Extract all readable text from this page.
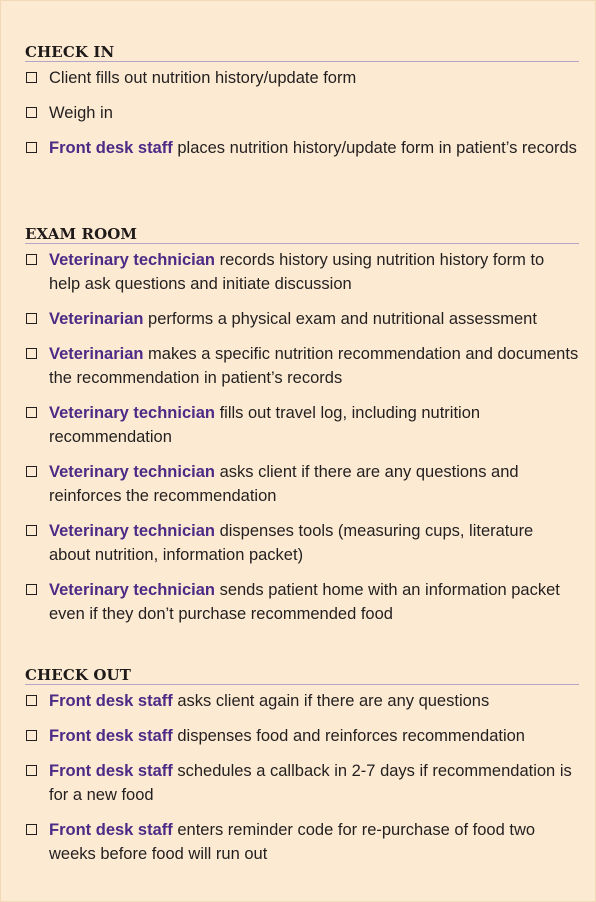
CHECK IN
Client fills out nutrition history/update form
Weigh in
Front desk staff places nutrition history/update form in patient’s records
EXAM ROOM
Veterinary technician records history using nutrition history form to help ask questions and initiate discussion
Veterinarian performs a physical exam and nutritional assessment
Veterinarian makes a specific nutrition recommendation and documents the recommendation in patient’s records
Veterinary technician fills out travel log, including nutrition recommendation
Veterinary technician asks client if there are any questions and reinforces the recommendation
Veterinary technician dispenses tools (measuring cups, literature about nutrition, information packet)
Veterinary technician sends patient home with an information packet even if they don’t purchase recommended food
CHECK OUT
Front desk staff asks client again if there are any questions
Front desk staff dispenses food and reinforces recommendation
Front desk staff schedules a callback in 2-7 days if recommendation is for a new food
Front desk staff enters reminder code for re-purchase of food two weeks before food will run out
